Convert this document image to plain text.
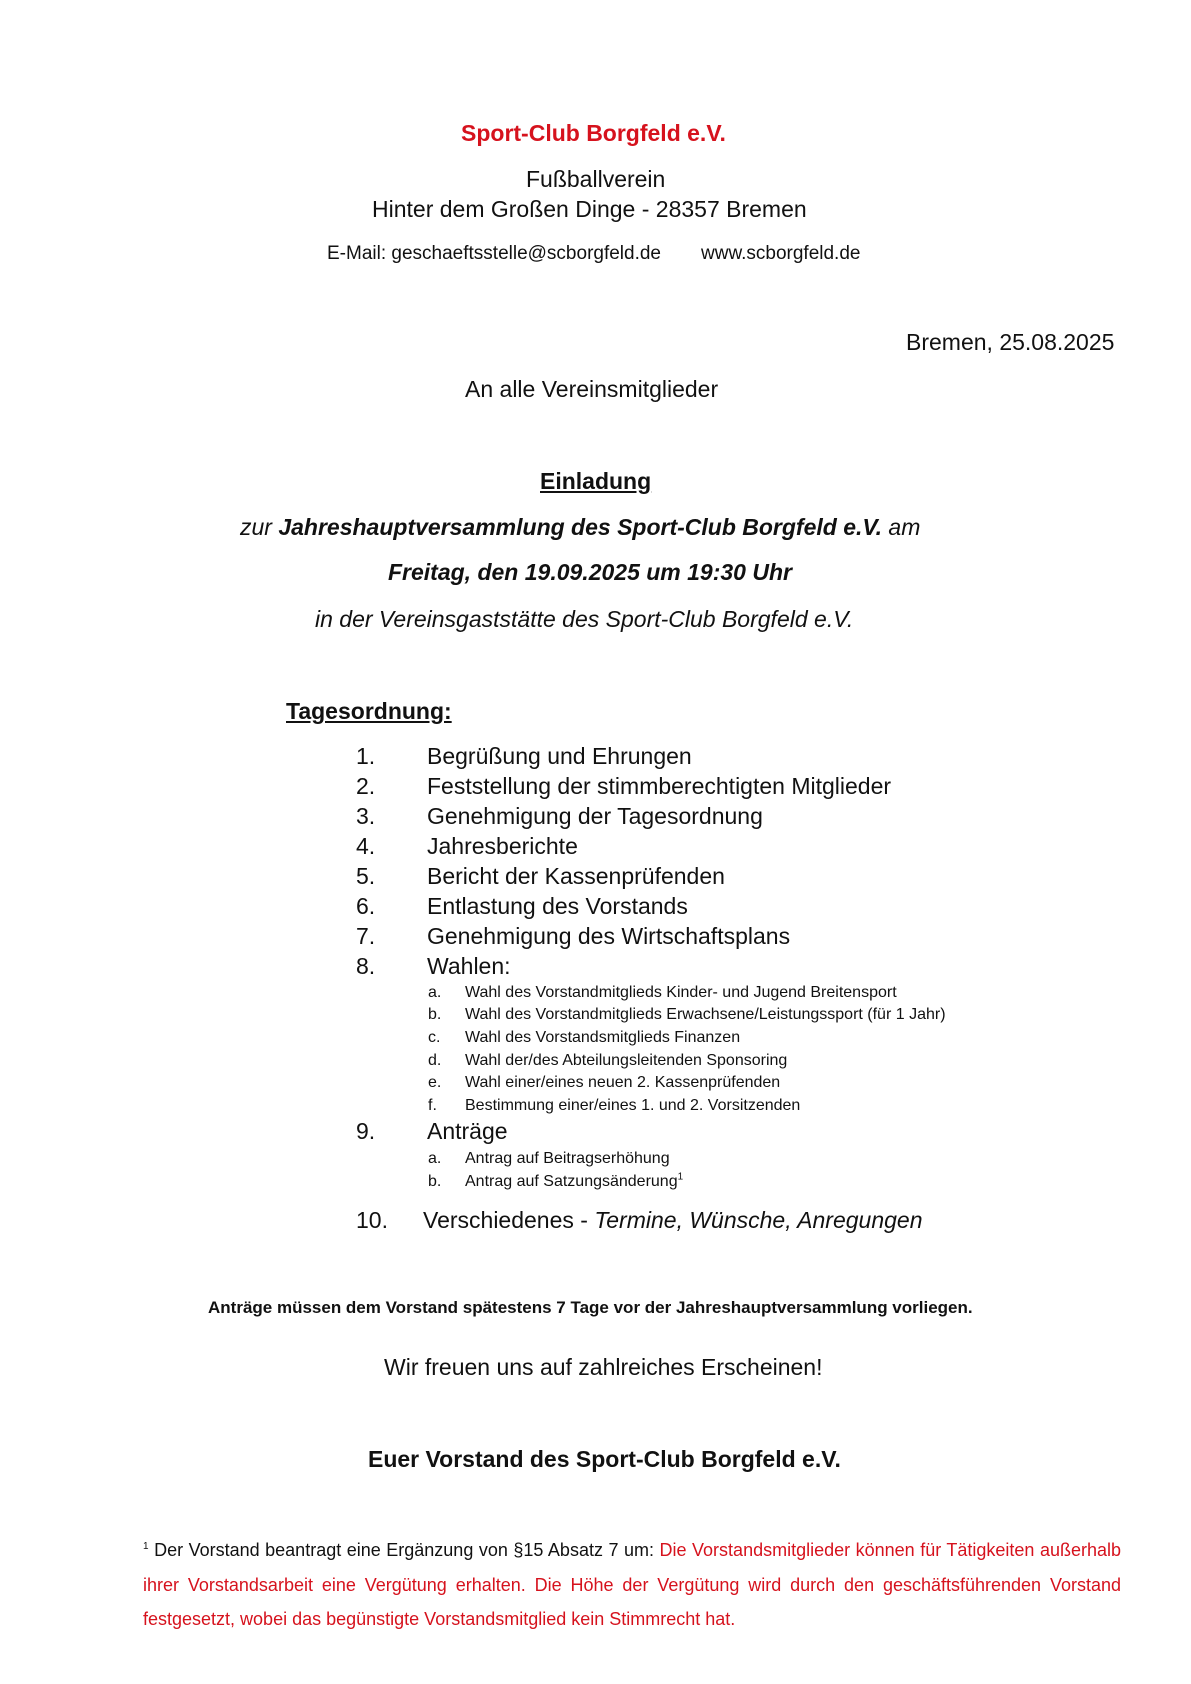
Sport-Club Borgfeld e.V.
Fußballverein
Hinter dem Großen Dinge - 28357 Bremen
E-Mail: geschaeftsstelle@scborgfeld.de www.scborgfeld.de
Bremen, 25.08.2025
An alle Vereinsmitglieder
Einladung
zur Jahreshauptversammlung des Sport-Club Borgfeld e.V. am
Freitag, den 19.09.2025 um 19:30 Uhr
in der Vereinsgaststätte des Sport-Club Borgfeld e.V.
Tagesordnung:
1. Begrüßung und Ehrungen
2. Feststellung der stimmberechtigten Mitglieder
3. Genehmigung der Tagesordnung
4. Jahresberichte
5. Bericht der Kassenprüfenden
6. Entlastung des Vorstands
7. Genehmigung des Wirtschaftsplans
8. Wahlen:
a. Wahl des Vorstandmitglieds Kinder- und Jugend Breitensport
b. Wahl des Vorstandmitglieds Erwachsene/Leistungssport (für 1 Jahr)
c. Wahl des Vorstandsmitglieds Finanzen
d. Wahl der/des Abteilungsleitenden Sponsoring
e. Wahl einer/eines neuen 2. Kassenprüfenden
f. Bestimmung einer/eines 1. und 2. Vorsitzenden
9. Anträge
a. Antrag auf Beitragserhöhung
b. Antrag auf Satzungsänderung$^1$
10. Verschiedenes - Termine, Wünsche, Anregungen
Anträge müssen dem Vorstand spätestens 7 Tage vor der Jahreshauptversammlung vorliegen.
Wir freuen uns auf zahlreiches Erscheinen!
Euer Vorstand des Sport-Club Borgfeld e.V.
$^1$ Der Vorstand beantragt eine Ergänzung von §15 Absatz 7 um: Die Vorstandsmitglieder können für Tätigkeiten außerhalb ihrer Vorstandsarbeit eine Vergütung erhalten. Die Höhe der Vergütung wird durch den geschäftsführenden Vorstand festgesetzt, wobei das begünstigte Vorstandsmitglied kein Stimmrecht hat.
